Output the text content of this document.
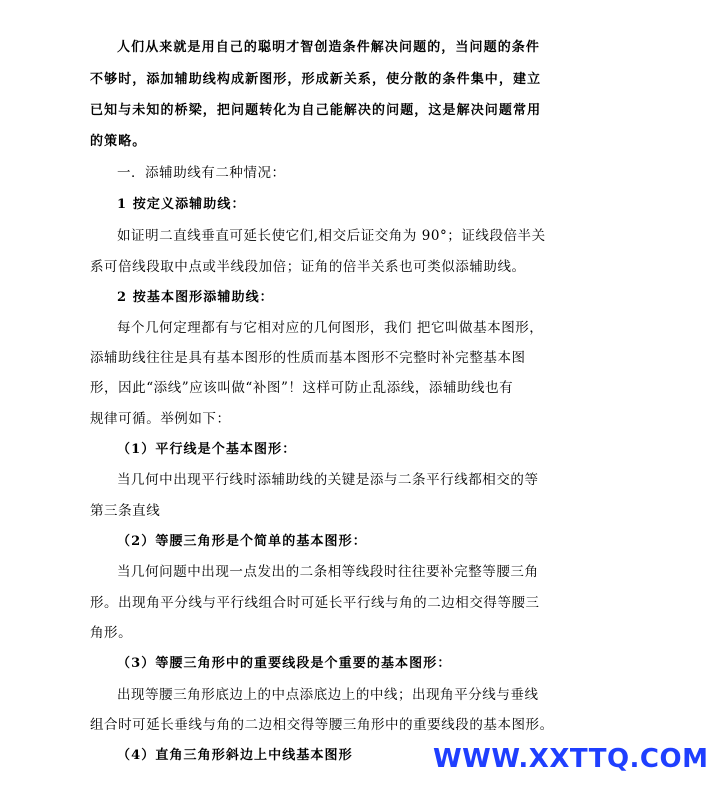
人们从来就是用自己的聪明才智创造条件解决问题的，当问题的条件
不够时，添加辅助线构成新图形，形成新关系，使分散的条件集中，建立
已知与未知的桥梁，把问题转化为自己能解决的问题，这是解决问题常用
的策略。
一．添辅助线有二种情况：
1 按定义添辅助线：
如证明二直线垂直可延长使它们,相交后证交角为 90°；证线段倍半关
系可倍线段取中点或半线段加倍；证角的倍半关系也可类似添辅助线。
2 按基本图形添辅助线：
每个几何定理都有与它相对应的几何图形，我们 把它叫做基本图形，
添辅助线往往是具有基本图形的性质而基本图形不完整时补完整基本图
形，因此“添线”应该叫做“补图”！这样可防止乱添线，添辅助线也有
规律可循。举例如下：
（1）平行线是个基本图形：
当几何中出现平行线时添辅助线的关键是添与二条平行线都相交的等
第三条直线
（2）等腰三角形是个简单的基本图形：
当几何问题中出现一点发出的二条相等线段时往往要补完整等腰三角
形。出现角平分线与平行线组合时可延长平行线与角的二边相交得等腰三
角形。
（3）等腰三角形中的重要线段是个重要的基本图形：
出现等腰三角形底边上的中点添底边上的中线；出现角平分线与垂线
组合时可延长垂线与角的二边相交得等腰三角形中的重要线段的基本图形。
（4）直角三角形斜边上中线基本图形	WWW.XXTTQ.COM
